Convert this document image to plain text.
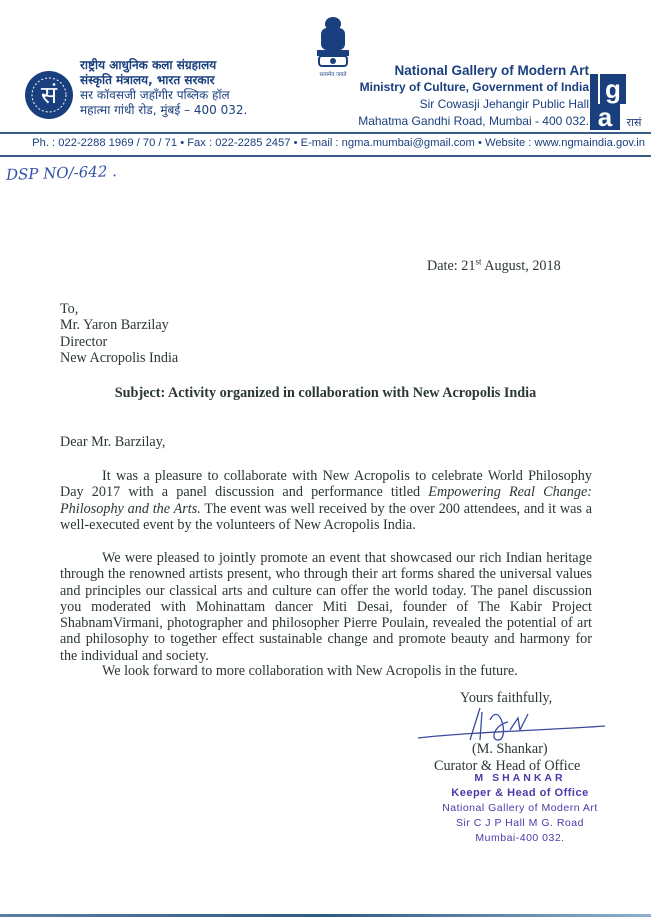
सत्यमेव जयते
सं
राष्ट्रीय आधुनिक कला संग्रहालय
संस्कृति मंत्रालय, भारत सरकार
सर कॉवसजी जहाँगीर पब्लिक हॉल
महात्मा गांधी रोड, मुंबई – 400 032.
National Gallery of Modern Art
Ministry of Culture, Government of India
Sir Cowasji Jehangir Public Hall
Mahatma Gandhi Road, Mumbai - 400 032.
g
a रासं
Ph. : 022-2288 1969 / 70 / 71 • Fax : 022-2285 2457 • E-mail : ngma.mumbai@gmail.com • Website : www.ngmaindia.gov.in
DSP NO/-642 .
Date: 21st August, 2018
To,
Mr. Yaron Barzilay
Director
New Acropolis India
Subject: Activity organized in collaboration with New Acropolis India
Dear Mr. Barzilay,
It was a pleasure to collaborate with New Acropolis to celebrate World Philosophy Day 2017 with a panel discussion and performance titled Empowering Real Change: Philosophy and the Arts. The event was well received by the over 200 attendees, and it was a well-executed event by the volunteers of New Acropolis India.
We were pleased to jointly promote an event that showcased our rich Indian heritage through the renowned artists present, who through their art forms shared the universal values and principles our classical arts and culture can offer the world today. The panel discussion you moderated with Mohinattam dancer Miti Desai, founder of The Kabir Project ShabnamVirmani, photographer and philosopher Pierre Poulain, revealed the potential of art and philosophy to together effect sustainable change and promote beauty and harmony for the individual and society.
We look forward to more collaboration with New Acropolis in the future.
Yours faithfully,
(M. Shankar)
Curator & Head of Office
M SHANKAR
Keeper & Head of Office
National Gallery of Modern Art
Sir C J P Hall M G. Road
Mumbai-400 032.
